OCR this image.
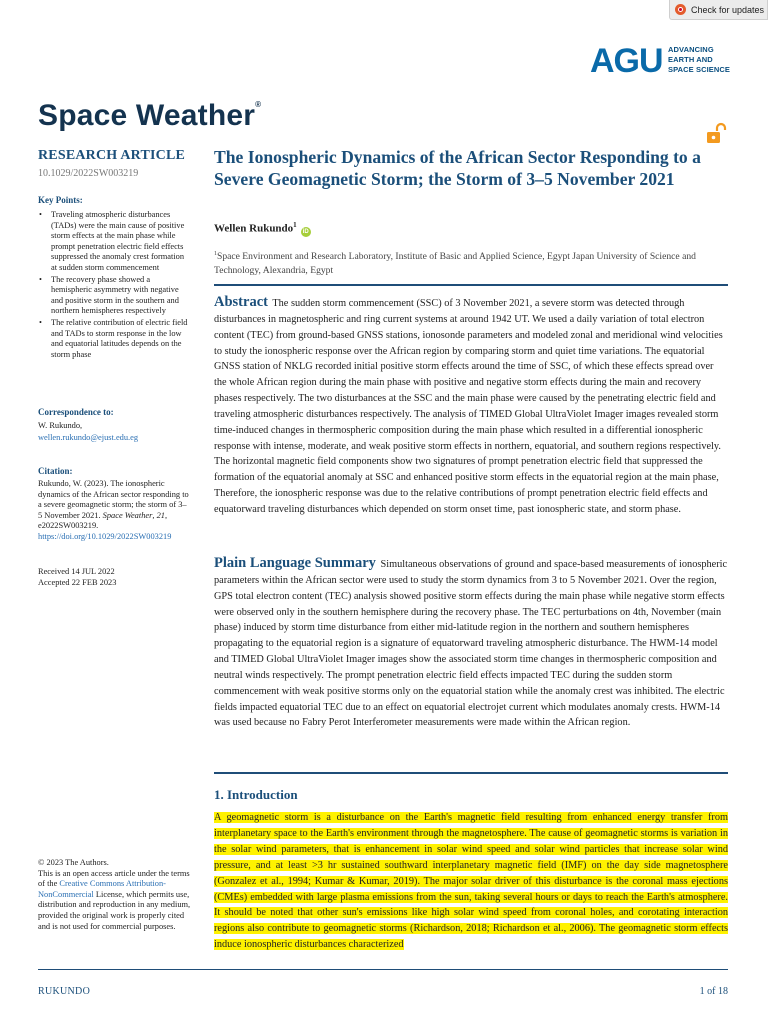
Check for updates
AGU ADVANCING
EARTH AND
SPACE SCIENCE
Space Weather®
RESEARCH ARTICLE
10.1029/2022SW003219
Key Points:
• Traveling atmospheric disturbances (TADs) were the main cause of positive storm effects at the main phase while prompt penetration electric field effects suppressed the anomaly crest formation at sudden storm commencement
• The recovery phase showed a hemispheric asymmetry with negative and positive storm in the southern and northern hemispheres respectively
• The relative contribution of electric field and TADs to storm response in the low and equatorial latitudes depends on the storm phase
Correspondence to:
W. Rukundo,
wellen.rukundo@ejust.edu.eg
Citation:
Rukundo, W. (2023). The ionospheric dynamics of the African sector responding to a severe geomagnetic storm; the storm of 3–5 November 2021. Space Weather, 21, e2022SW003219. https://doi.org/10.1029/2022SW003219
Received 14 JUL 2022
Accepted 22 FEB 2023
© 2023 The Authors.
This is an open access article under the terms of the Creative Commons Attribution-NonCommercial License, which permits use, distribution and reproduction in any medium, provided the original work is properly cited and is not used for commercial purposes.
The Ionospheric Dynamics of the African Sector Responding to a Severe Geomagnetic Storm; the Storm of 3–5 November 2021
Wellen Rukundo$^1$iD
$^1$Space Environment and Research Laboratory, Institute of Basic and Applied Science, Egypt Japan University of Science and Technology, Alexandria, Egypt
Abstract The sudden storm commencement (SSC) of 3 November 2021, a severe storm was detected through disturbances in magnetospheric and ring current systems at around 1942 UT. We used a daily variation of total electron content (TEC) from ground-based GNSS stations, ionosonde parameters and modeled zonal and meridional wind velocities to study the ionospheric response over the African region by comparing storm and quiet time variations. The equatorial GNSS station of NKLG recorded initial positive storm effects around the time of SSC, of which these effects spread over the whole African region during the main phase with positive and negative storm effects during the main and recovery phases respectively. The two disturbances at the SSC and the main phase were caused by the penetrating electric field and traveling atmospheric disturbances respectively. The analysis of TIMED Global UltraViolet Imager images revealed storm time-induced changes in thermospheric composition during the main phase which resulted in a differential ionospheric response with intense, moderate, and weak positive storm effects in northern, equatorial, and southern regions respectively. The horizontal magnetic field components show two signatures of prompt penetration electric field that suppressed the formation of the equatorial anomaly at SSC and enhanced positive storm effects in the equatorial region at the main phase, Therefore, the ionospheric response was due to the relative contributions of prompt penetration electric field effects and equatorward traveling disturbances which depended on storm onset time, past ionospheric state, and storm phase.
Plain Language Summary Simultaneous observations of ground and space-based measurements of ionospheric parameters within the African sector were used to study the storm dynamics from 3 to 5 November 2021. Over the region, GPS total electron content (TEC) analysis showed positive storm effects during the main phase while negative storm effects were observed only in the southern hemisphere during the recovery phase. The TEC perturbations on 4th, November (main phase) induced by storm time disturbance from either mid-latitude region in the northern and southern hemispheres propagating to the equatorial region is a signature of equatorward traveling atmospheric disturbance. The HWM-14 model and TIMED Global UltraViolet Imager images show the associated storm time changes in thermospheric composition and neutral winds respectively. The prompt penetration electric field effects impacted TEC during the sudden storm commencement with weak positive storms only on the equatorial station while the anomaly crest was inhibited. The electric fields impacted equatorial TEC due to an effect on equatorial electrojet current which modulates anomaly crests. HWM-14 was used because no Fabry Perot Interferometer measurements were made within the African region.
1. Introduction
A geomagnetic storm is a disturbance on the Earth's magnetic field resulting from enhanced energy transfer from interplanetary space to the Earth's environment through the magnetosphere. The cause of geomagnetic storms is variation in the solar wind parameters, that is enhancement in solar wind speed and solar wind particles that increase solar wind pressure, and at least >3 hr sustained southward interplanetary magnetic field (IMF) on the day side magnetosphere (Gonzalez et al., 1994; Kumar & Kumar, 2019). The major solar driver of this disturbance is the coronal mass ejections (CMEs) embedded with large plasma emissions from the sun, taking several hours or days to reach the Earth's atmosphere. It should be noted that other sun's emissions like high solar wind speed from coronal holes, and corotating interaction regions also contribute to geomagnetic storms (Richardson, 2018; Richardson et al., 2006). The geomagnetic storm effects induce ionospheric disturbances characterized
RUKUNDO	1 of 18
